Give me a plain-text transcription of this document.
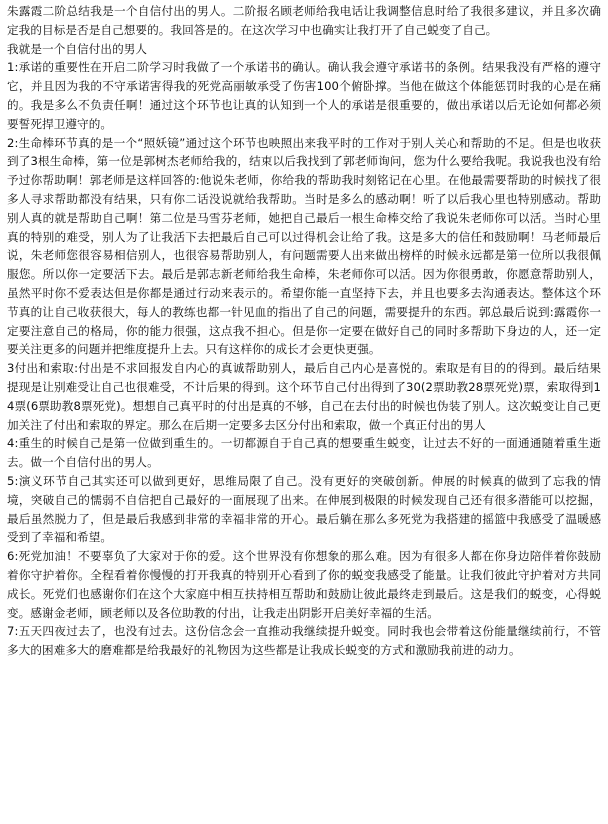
朱露霞二阶总结我是一个自信付出的男人。二阶报名顾老师给我电话让我调整信息时给了我很多建议，并且多次确定我的目标是否是自己想要的。我回答是的。在这次学习中也确实让我打开了自己蜕变了自己。

我就是一个自信付出的男人

1:承诺的重要性在开启二阶学习时我做了一个承诺书的确认。确认我会遵守承诺书的条例。结果我没有严格的遵守它，并且因为我的不守承诺害得我的死党高丽敏承受了伤害100个俯卧撑。当他在做这个体能惩罚时我的心是在痛的。我是多么不负责任啊！通过这个环节也让真的认知到一个人的承诺是很重要的，做出承诺以后无论如何都必须要誓死捍卫遵守的。

2:生命棒环节真的是一个“照妖镜”通过这个环节也映照出来我平时的工作对于别人关心和帮助的不足。但是也收获到了3根生命棒，第一位是郭树杰老师给我的，结束以后我找到了郭老师询问，您为什么要给我呢。我说我也没有给予过你帮助啊！郭老师是这样回答的:他说朱老师，你给我的帮助我时刻铭记在心里。在他最需要帮助的时候找了很多人寻求帮助都没有结果，只有你二话没说就给我帮助。当时是多么的感动啊！听了以后我心里也特别感动。帮助别人真的就是帮助自己啊！第二位是马雪芬老师，她把自己最后一根生命棒交给了我说朱老师你可以活。当时心里真的特别的难受，别人为了让我活下去把最后自己可以过得机会让给了我。这是多大的信任和鼓励啊！马老师最后说，朱老师您很容易相信别人，也很容易帮助别人，有问题需要人出来做出榜样的时候永远都是第一位所以我很佩服您。所以你一定要活下去。最后是郭志新老师给我生命棒，朱老师你可以活。因为你很勇敢，你愿意帮助别人，虽然平时你不爱表达但是你都是通过行动来表示的。希望你能一直坚持下去，并且也要多去沟通表达。整体这个环节真的让自己收获很大，每人的教练也都一针见血的指出了自己的问题，需要提升的东西。郭总最后说到:露霞你一定要注意自己的格局，你的能力很强，这点我不担心。但是你一定要在做好自己的同时多帮助下身边的人，还一定要关注更多的问题并把维度提升上去。只有这样你的成长才会更快更强。

3付出和索取:付出是不求回报发自内心的真诚帮助别人，最后自己内心是喜悦的。索取是有目的的得到。最后结果提现是让别难受让自己也很难受，不计后果的得到。这个环节自己付出得到了30(2票助教28票死党)票，索取得到14票(6票助教8票死党)。想想自己真平时的付出是真的不够，自己在去付出的时候也伪装了别人。这次蜕变让自己更加关注了付出和索取的界定。那么在后期一定要多去区分付出和索取，做一个真正付出的男人

4:重生的时候自己是第一位做到重生的。一切都源自于自己真的想要重生蜕变，让过去不好的一面通通随着重生逝去。做一个自信付出的男人。

5:演义环节自己其实还可以做到更好，思维局限了自己。没有更好的突破创新。伸展的时候真的做到了忘我的情境，突破自己的懦弱不自信把自己最好的一面展现了出来。在伸展到极限的时候发现自己还有很多潜能可以挖掘，最后虽然脱力了，但是最后我感到非常的幸福非常的开心。最后躺在那么多死党为我搭建的摇篮中我感受了温暖感受到了幸福和希望。

6:死党加油！不要辜负了大家对于你的爱。这个世界没有你想象的那么难。因为有很多人都在你身边陪伴着你鼓励着你守护着你。全程看着你慢慢的打开我真的特别开心看到了你的蜕变我感受了能量。让我们彼此守护着对方共同成长。死党们也感谢你们在这个大家庭中相互扶持相互帮助和鼓励让彼此最终走到最后。这是我们的蜕变，心得蜕变。感谢金老师，顾老师以及各位助教的付出，让我走出阴影开启美好幸福的生活。

7:五天四夜过去了，也没有过去。这份信念会一直推动我继续提升蜕变。同时我也会带着这份能量继续前行，不管多大的困难多大的磨难都是给我最好的礼物因为这些都是让我成长蜕变的方式和激励我前进的动力。
